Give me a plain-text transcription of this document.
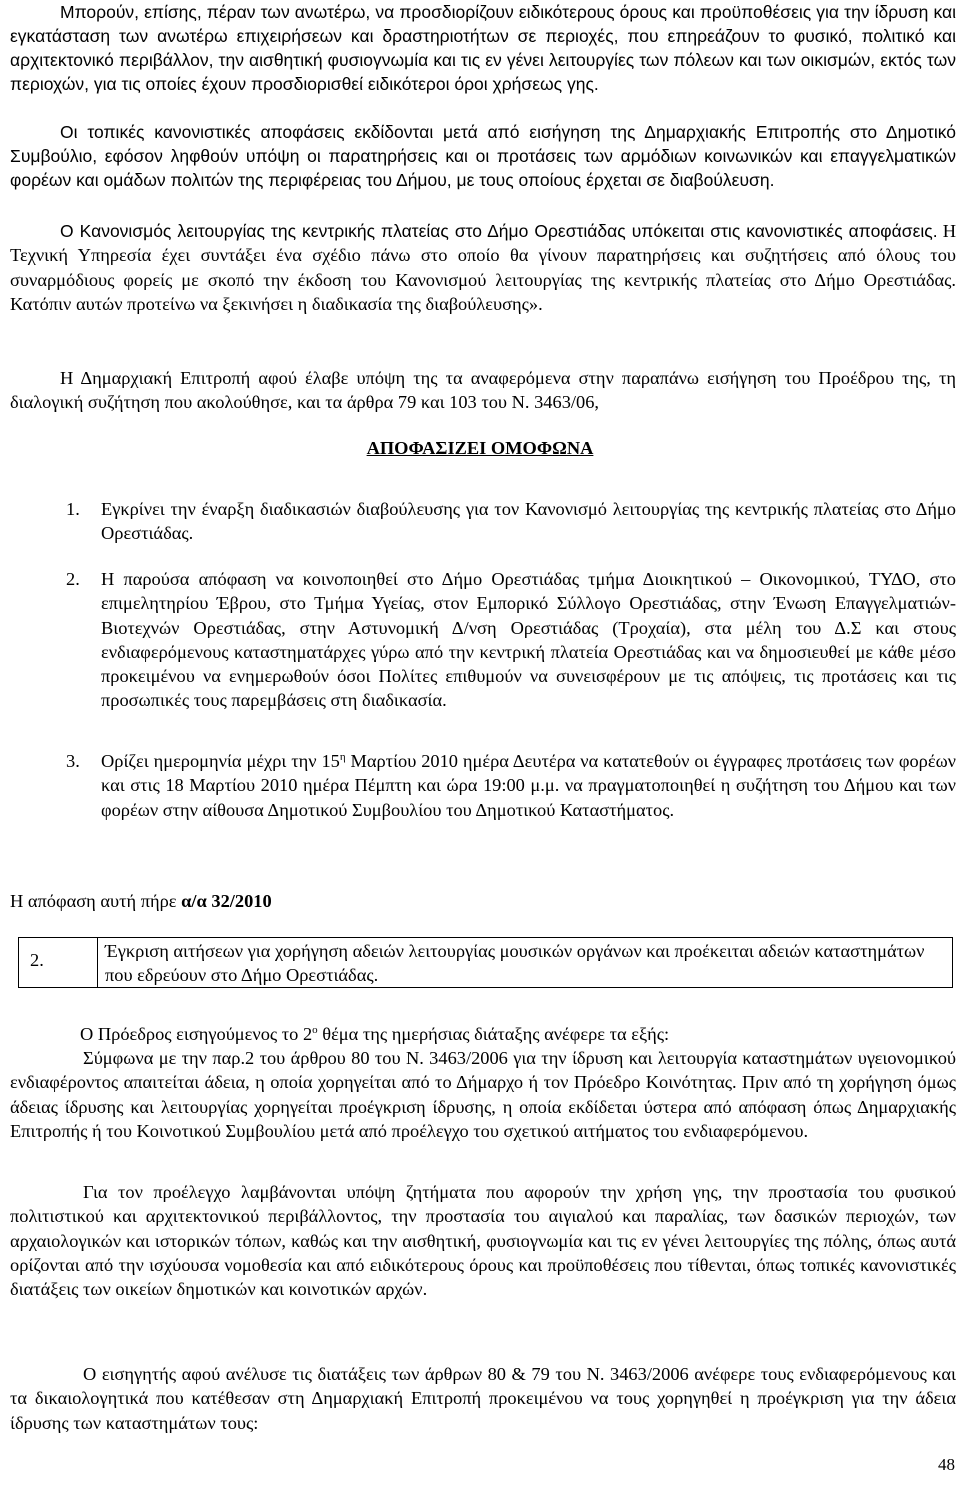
Μπορούν, επίσης, πέραν των ανωτέρω, να προσδιορίζουν ειδικότερους όρους και προϋποθέσεις για την ίδρυση και εγκατάσταση των ανωτέρω επιχειρήσεων και δραστηριοτήτων σε περιοχές, που επηρεάζουν το φυσικό, πολιτικό και αρχιτεκτονικό περιβάλλον, την αισθητική φυσιογνωμία και τις εν γένει λειτουργίες των πόλεων και των οικισμών, εκτός των περιοχών, για τις οποίες έχουν προσδιορισθεί ειδικότεροι όροι χρήσεως γης.

Οι τοπικές κανονιστικές αποφάσεις εκδίδονται μετά από εισήγηση της Δημαρχιακής Επιτροπής στο Δημοτικό Συμβούλιο, εφόσον ληφθούν υπόψη οι παρατηρήσεις και οι προτάσεις των αρμόδιων κοινωνικών και επαγγελματικών φορέων και ομάδων πολιτών της περιφέρειας του Δήμου, με τους οποίους έρχεται σε διαβούλευση.

Ο Κανονισμός λειτουργίας της κεντρικής πλατείας στο Δήμο Ορεστιάδας υπόκειται στις κανονιστικές αποφάσεις. Η Τεχνική Υπηρεσία έχει συντάξει ένα σχέδιο πάνω στο οποίο θα γίνουν παρατηρήσεις και συζητήσεις από όλους του συναρμόδιους φορείς με σκοπό την έκδοση του Κανονισμού λειτουργίας της κεντρικής πλατείας στο Δήμο Ορεστιάδας. Κατόπιν αυτών προτείνω να ξεκινήσει η διαδικασία της διαβούλευσης».

Η Δημαρχιακή Επιτροπή αφού έλαβε υπόψη της τα αναφερόμενα στην παραπάνω εισήγηση του Προέδρου της, τη διαλογική συζήτηση που ακολούθησε, και τα άρθρα 79 και 103 του Ν. 3463/06,

ΑΠΟΦΑΣΙΖΕΙ ΟΜΟΦΩΝΑ
1. Εγκρίνει την έναρξη διαδικασιών διαβούλευσης για τον Κανονισμό λειτουργίας της κεντρικής πλατείας στο Δήμο Ορεστιάδας.
2. Η παρούσα απόφαση να κοινοποιηθεί στο Δήμο Ορεστιάδας τμήμα Διοικητικού – Οικονομικού, ΤΥΔΟ, στο επιμελητηρίου Έβρου, στο Τμήμα Υγείας, στον Εμπορικό Σύλλογο Ορεστιάδας, στην Ένωση Επαγγελματιών- Βιοτεχνών Ορεστιάδας, στην Αστυνομική Δ/νση Ορεστιάδας (Τροχαία), στα μέλη του Δ.Σ και στους ενδιαφερόμενους καταστηματάρχες γύρω από την κεντρική πλατεία Ορεστιάδας και να δημοσιευθεί με κάθε μέσο προκειμένου να ενημερωθούν όσοι Πολίτες επιθυμούν να συνεισφέρουν με τις απόψεις, τις προτάσεις και τις προσωπικές τους παρεμβάσεις στη διαδικασία.
3. Ορίζει ημερομηνία μέχρι την $15^\eta$ Μαρτίου 2010 ημέρα Δευτέρα να κατατεθούν οι έγγραφες προτάσεις των φορέων και στις 18 Μαρτίου 2010 ημέρα Πέμπτη και ώρα 19:00 μ.μ. να πραγματοποιηθεί η συζήτηση του Δήμου και των φορέων στην αίθουσα Δημοτικού Συμβουλίου του Δημοτικού Καταστήματος.
Η απόφαση αυτή πήρε α/α 32/2010
2.	Έγκριση αιτήσεων για χορήγηση αδειών λειτουργίας μουσικών οργάνων και προέκειται αδειών καταστημάτων που εδρεύουν στο Δήμο Ορεστιάδας.

Ο Πρόεδρος εισηγούμενος το $2^o$ θέμα της ημερήσιας διάταξης ανέφερε τα εξής:

Σύμφωνα με την παρ.2 του άρθρου 80 του Ν. 3463/2006 για την ίδρυση και λειτουργία καταστημάτων υγειονομικού ενδιαφέροντος απαιτείται άδεια, η οποία χορηγείται από το Δήμαρχο ή τον Πρόεδρο Κοινότητας. Πριν από τη χορήγηση όμως άδειας ίδρυσης και λειτουργίας χορηγείται προέγκριση ίδρυσης, η οποία εκδίδεται ύστερα από απόφαση όπως Δημαρχιακής Επιτροπής ή του Κοινοτικού Συμβουλίου μετά από προέλεγχο του σχετικού αιτήματος του ενδιαφερόμενου.

Για τον προέλεγχο λαμβάνονται υπόψη ζητήματα που αφορούν την χρήση γης, την προστασία του φυσικού πολιτιστικού και αρχιτεκτονικού περιβάλλοντος, την προστασία του αιγιαλού και παραλίας, των δασικών περιοχών, των αρχαιολογικών και ιστορικών τόπων, καθώς και την αισθητική, φυσιογνωμία και τις εν γένει λειτουργίες της πόλης, όπως αυτά ορίζονται από την ισχύουσα νομοθεσία και από ειδικότερους όρους και προϋποθέσεις που τίθενται, όπως τοπικές κανονιστικές διατάξεις των οικείων δημοτικών και κοινοτικών αρχών.

Ο εισηγητής αφού ανέλυσε τις διατάξεις των άρθρων 80 & 79 του Ν. 3463/2006 ανέφερε τους ενδιαφερόμενους και τα δικαιολογητικά που κατέθεσαν στη Δημαρχιακή Επιτροπή προκειμένου να τους χορηγηθεί η προέγκριση για την άδεια ίδρυσης των καταστημάτων τους:

48
